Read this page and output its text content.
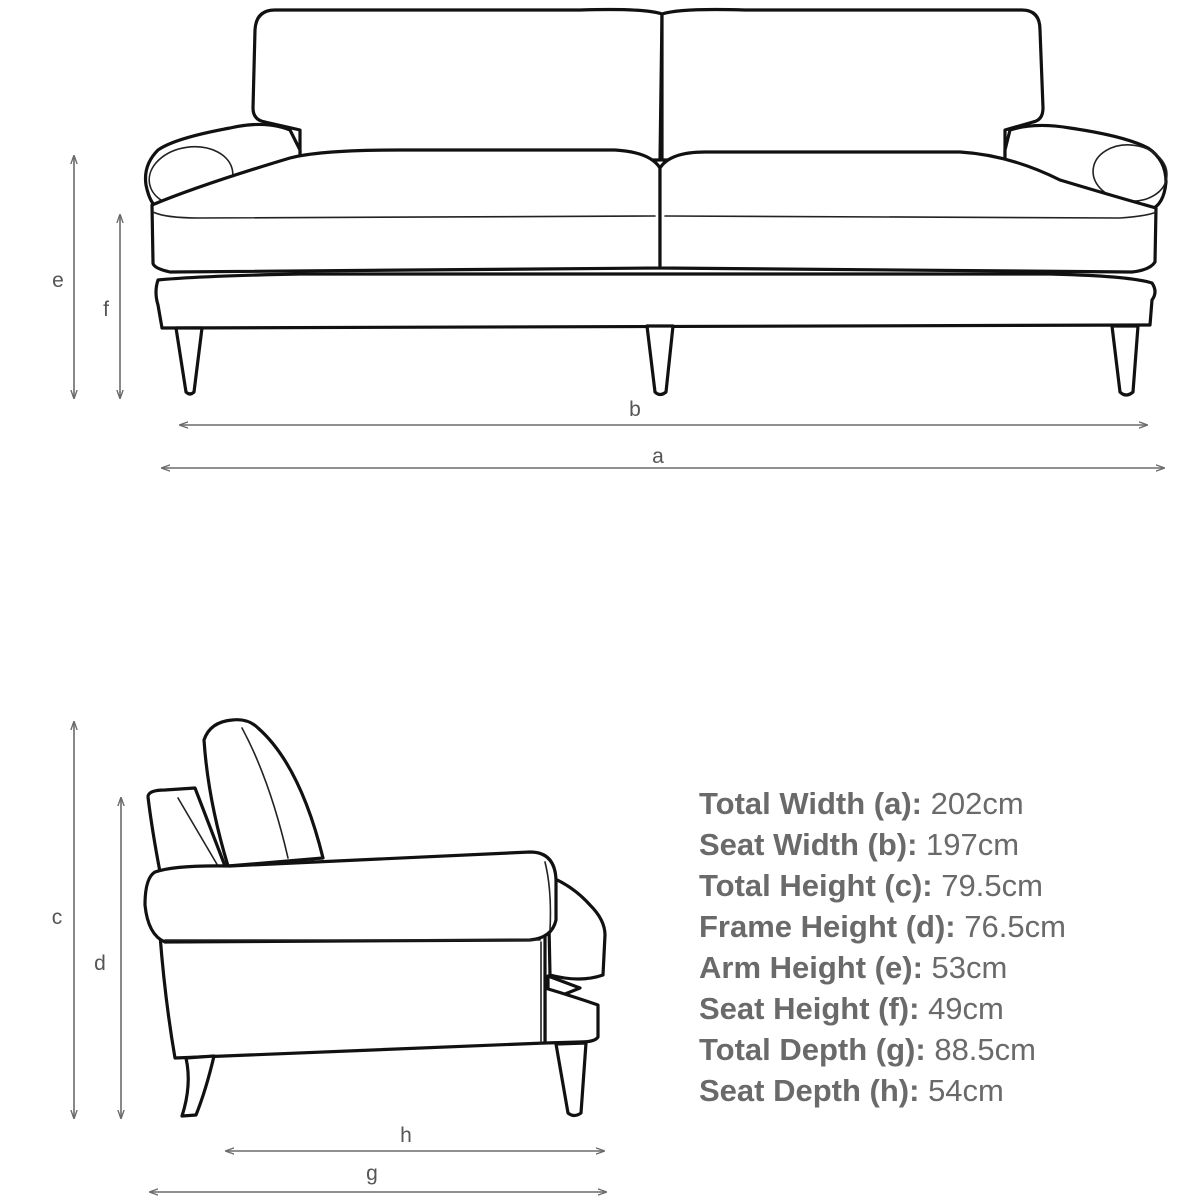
e
f
b
a
c
d
h
g
Total Width (a): 202cm
Seat Width (b): 197cm
Total Height (c): 79.5cm
Frame Height (d): 76.5cm
Arm Height (e): 53cm
Seat Height (f): 49cm
Total Depth (g): 88.5cm
Seat Depth (h): 54cm
